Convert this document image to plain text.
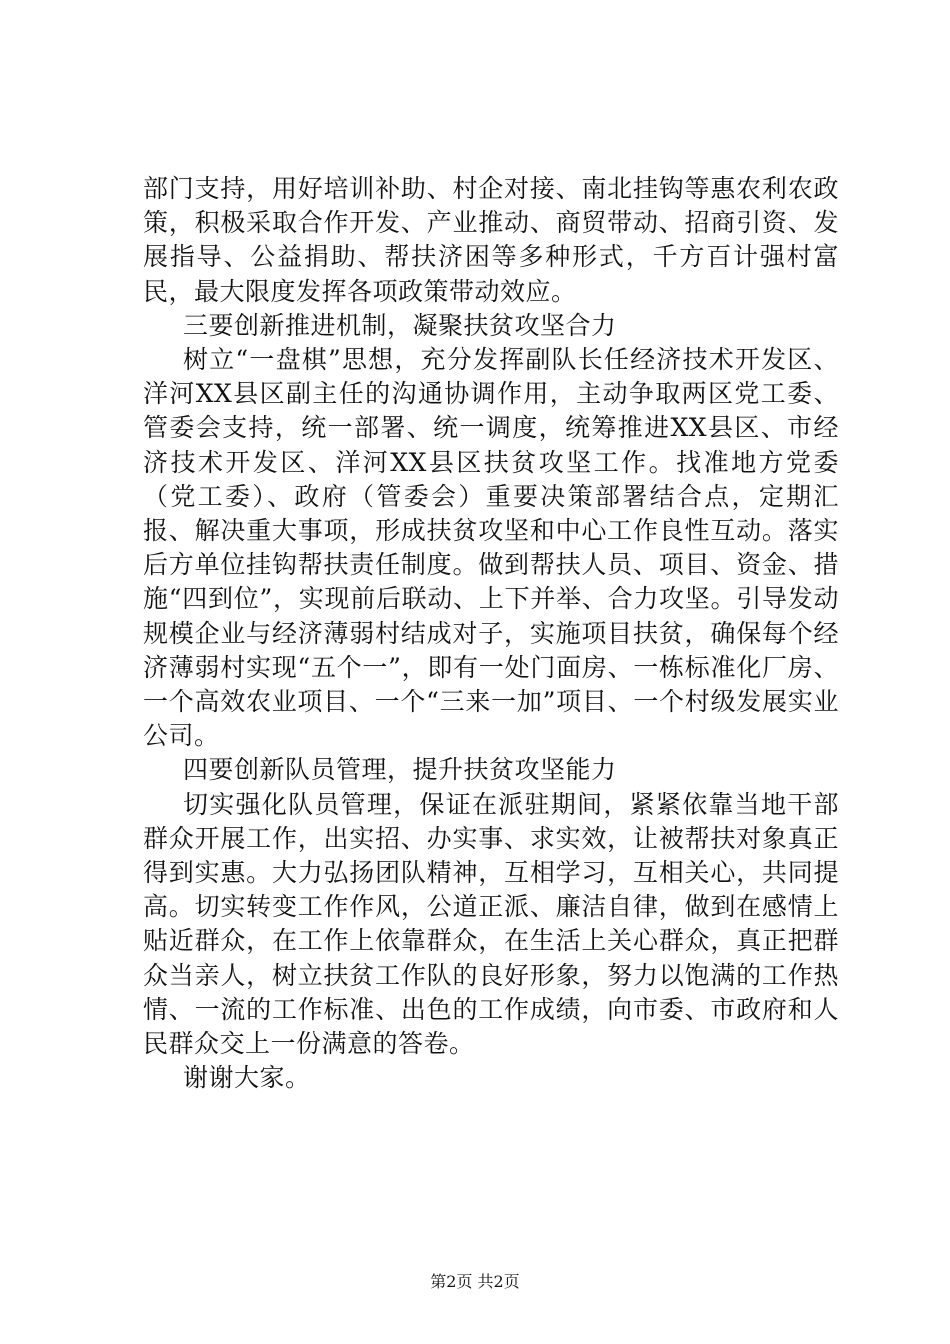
部门支持，用好培训补助、村企对接、南北挂钩等惠农利农政策，积极采取合作开发、产业推动、商贸带动、招商引资、发展指导、公益捐助、帮扶济困等多种形式，千方百计强村富民，最大限度发挥各项政策带动效应。

三要创新推进机制，凝聚扶贫攻坚合力

树立“一盘棋”思想，充分发挥副队长任经济技术开发区、洋河XX县区副主任的沟通协调作用，主动争取两区党工委、管委会支持，统一部署、统一调度，统筹推进XX县区、市经济技术开发区、洋河XX县区扶贫攻坚工作。找准地方党委（党工委）、政府（管委会）重要决策部署结合点，定期汇报、解决重大事项，形成扶贫攻坚和中心工作良性互动。落实后方单位挂钩帮扶责任制度。做到帮扶人员、项目、资金、措施“四到位”，实现前后联动、上下并举、合力攻坚。引导发动规模企业与经济薄弱村结成对子，实施项目扶贫，确保每个经济薄弱村实现“五个一”，即有一处门面房、一栋标准化厂房、一个高效农业项目、一个“三来一加”项目、一个村级发展实业公司。

四要创新队员管理，提升扶贫攻坚能力

切实强化队员管理，保证在派驻期间，紧紧依靠当地干部群众开展工作，出实招、办实事、求实效，让被帮扶对象真正得到实惠。大力弘扬团队精神，互相学习，互相关心，共同提高。切实转变工作作风，公道正派、廉洁自律，做到在感情上贴近群众，在工作上依靠群众，在生活上关心群众，真正把群众当亲人，树立扶贫工作队的良好形象，努力以饱满的工作热情、一流的工作标准、出色的工作成绩，向市委、市政府和人民群众交上一份满意的答卷。

谢谢大家。

第2页 共2页
